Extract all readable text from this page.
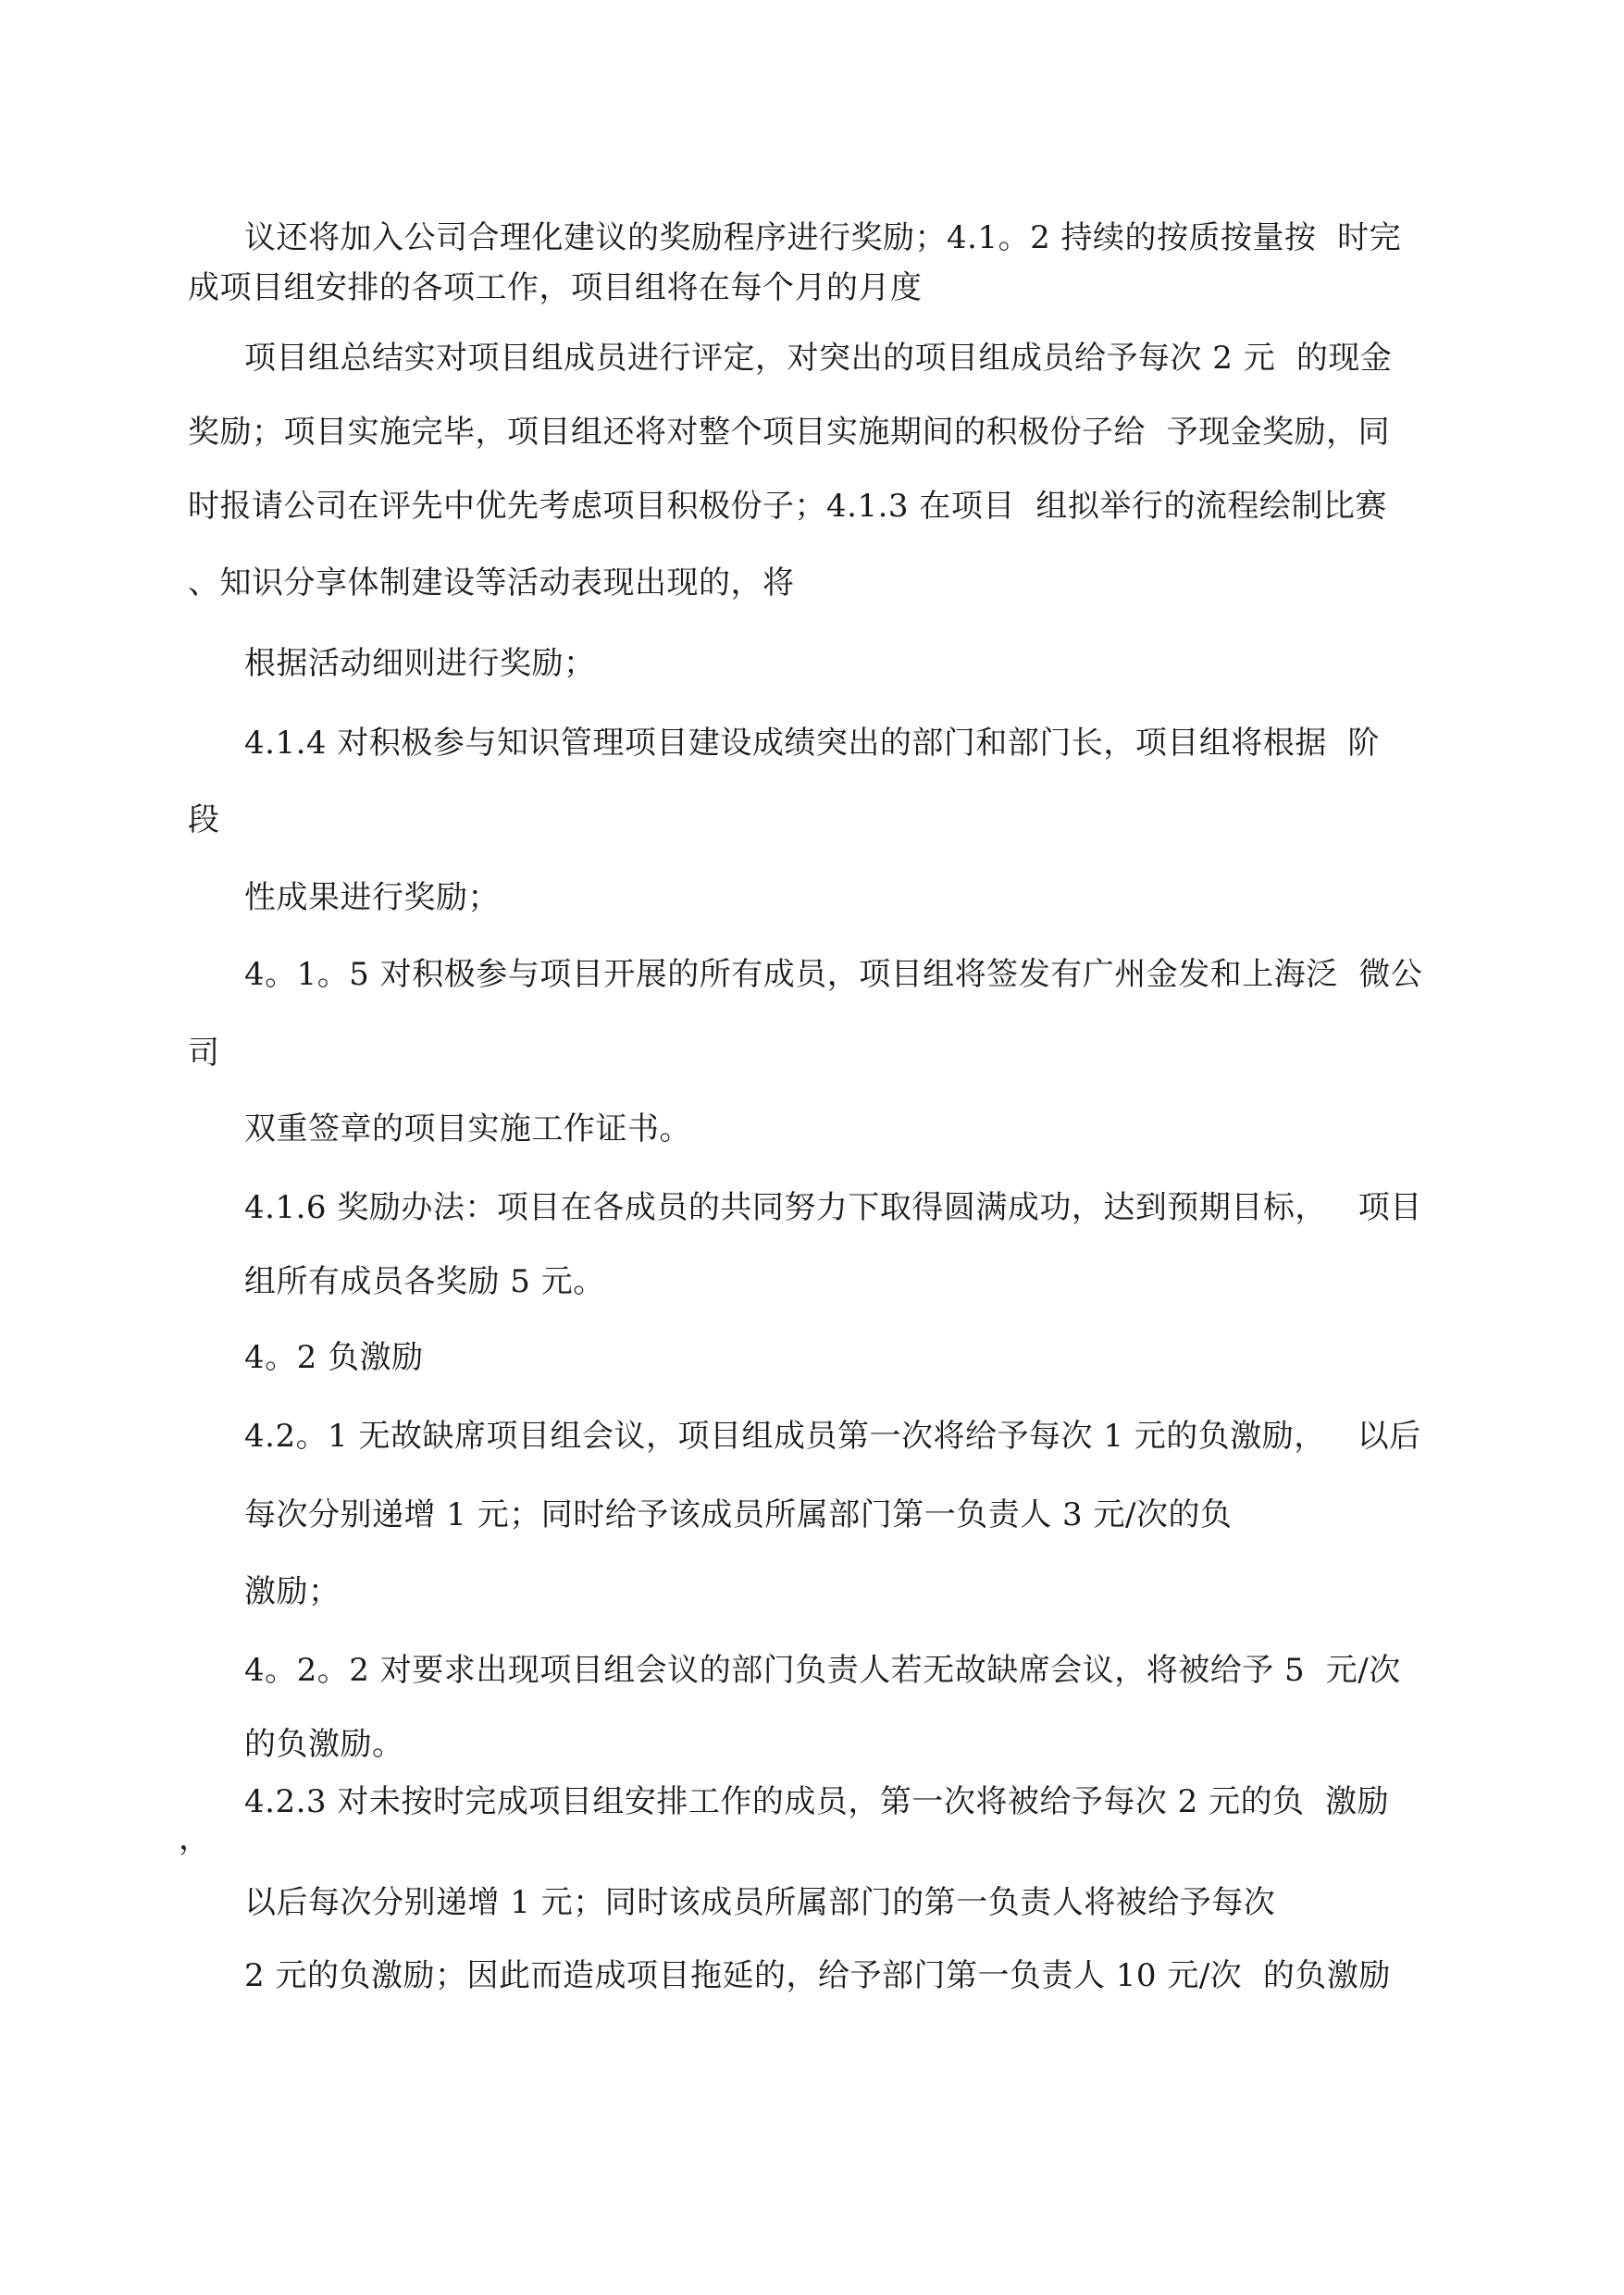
议还将加入公司合理化建议的奖励程序进行奖励；4.1。2 持续的按质按量按  时完
成项目组安排的各项工作，项目组将在每个月的月度
项目组总结实对项目组成员进行评定，对突出的项目组成员给予每次 2 元  的现金
奖励；项目实施完毕，项目组还将对整个项目实施期间的积极份子给  予现金奖励，同
时报请公司在评先中优先考虑项目积极份子；4.1.3 在项目  组拟举行的流程绘制比赛
、知识分享体制建设等活动表现出现的，将
根据活动细则进行奖励；
4.1.4 对积极参与知识管理项目建设成绩突出的部门和部门长，项目组将根据  阶
段
性成果进行奖励；
4。1。5 对积极参与项目开展的所有成员，项目组将签发有广州金发和上海泛  微公
司
双重签章的项目实施工作证书。
4.1.6 奖励办法：项目在各成员的共同努力下取得圆满成功，达到预期目标，   项目
组所有成员各奖励 5 元。
4。2 负激励
4.2。1 无故缺席项目组会议，项目组成员第一次将给予每次 1 元的负激励，   以后
每次分别递增 1 元；同时给予该成员所属部门第一负责人 3 元/次的负
激励；
4。2。2 对要求出现项目组会议的部门负责人若无故缺席会议，将被给予 5  元/次
的负激励。
4.2.3 对未按时完成项目组安排工作的成员，第一次将被给予每次 2 元的负  激励
，
以后每次分别递增 1 元；同时该成员所属部门的第一负责人将被给予每次
2 元的负激励；因此而造成项目拖延的，给予部门第一负责人 10 元/次  的负激励
